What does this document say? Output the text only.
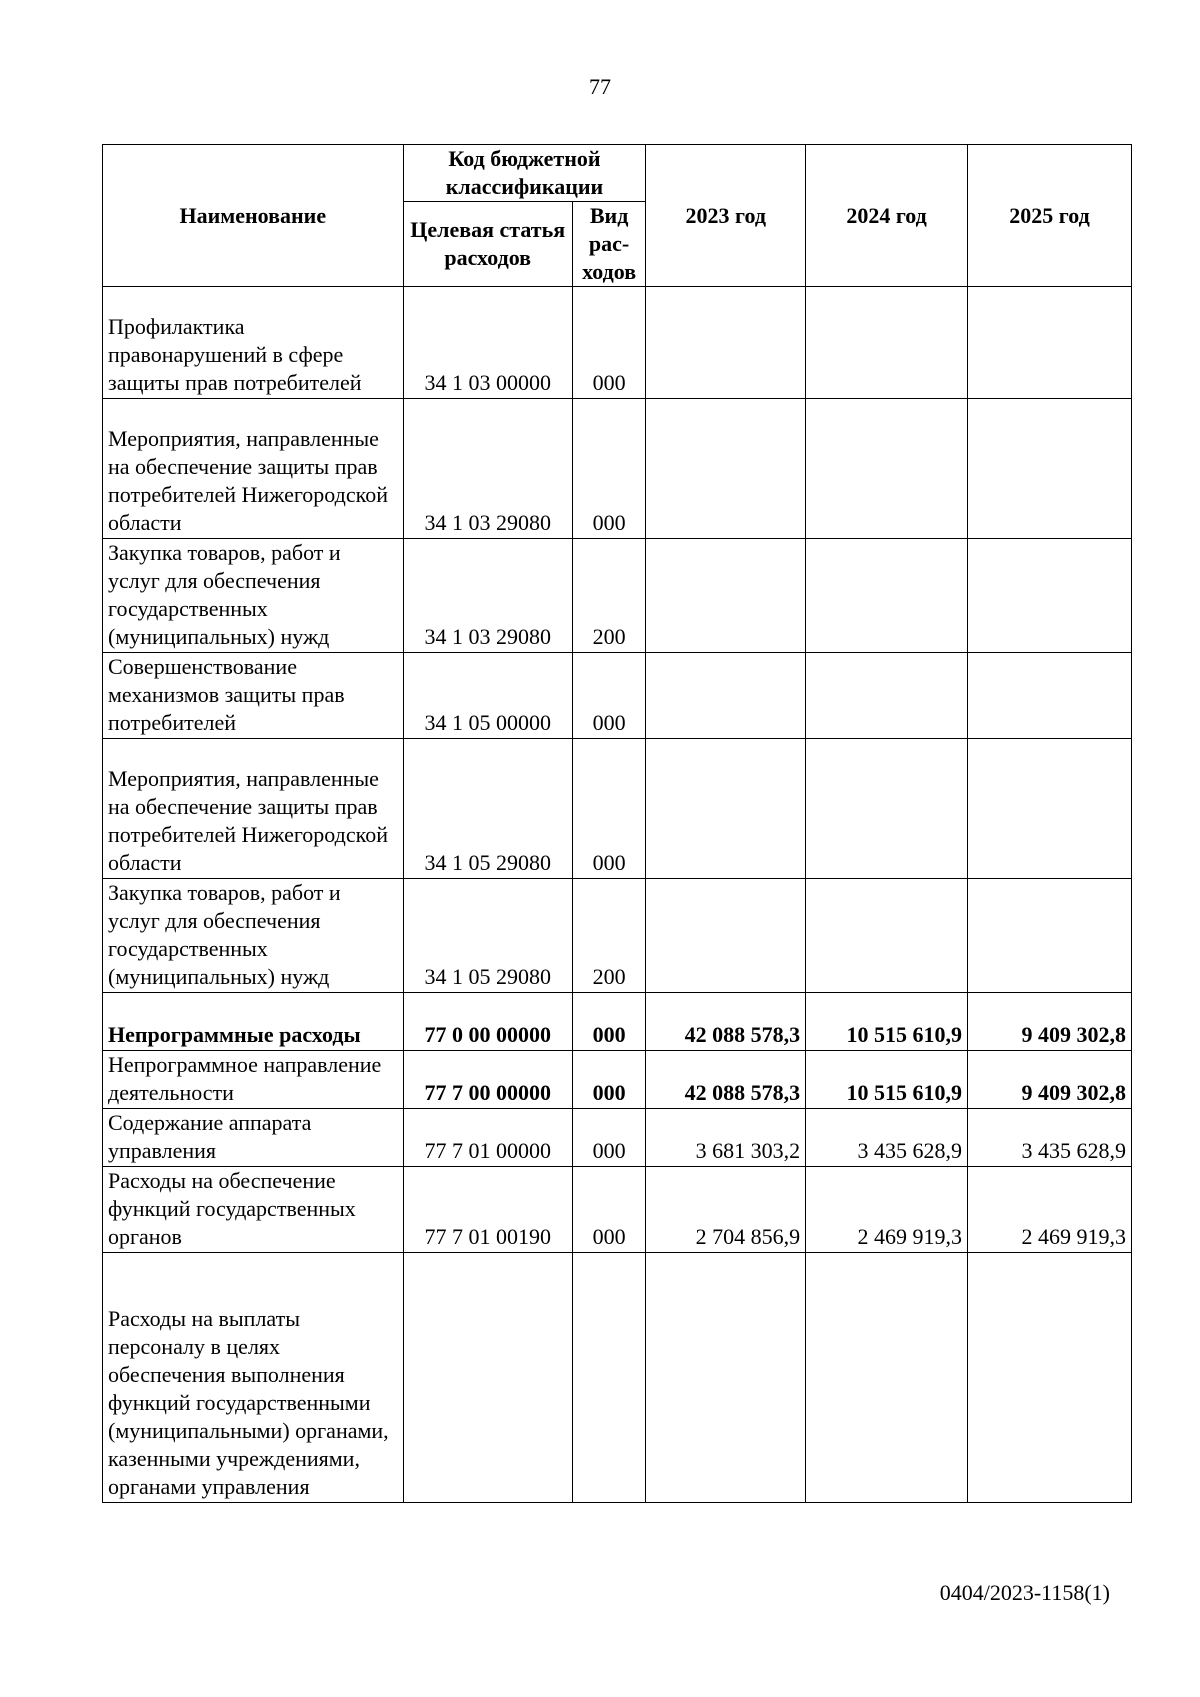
77
Наименование	Код бюджетной классификации		2023 год	2024 год	2025 год
	Целевая статья расходов	Вид рас-ходов			
Профилактика правонарушений в сфере защиты прав потребителей	34 1 03 00000	000			
Мероприятия, направленные на обеспечение защиты прав потребителей Нижегородской области	34 1 03 29080	000			
Закупка товаров, работ и услуг для обеспечения государственных (муниципальных) нужд	34 1 03 29080	200			
Совершенствование механизмов защиты прав потребителей	34 1 05 00000	000			
Мероприятия, направленные на обеспечение защиты прав потребителей Нижегородской области	34 1 05 29080	000			
Закупка товаров, работ и услуг для обеспечения государственных (муниципальных) нужд	34 1 05 29080	200			
Непрограммные расходы	77 0 00 00000	000	42 088 578,3	10 515 610,9	9 409 302,8
Непрограммное направление деятельности	77 7 00 00000	000	42 088 578,3	10 515 610,9	9 409 302,8
Содержание аппарата управления	77 7 01 00000	000	3 681 303,2	3 435 628,9	3 435 628,9
Расходы на обеспечение функций государственных органов	77 7 01 00190	000	2 704 856,9	2 469 919,3	2 469 919,3
Расходы на выплаты персоналу в целях обеспечения выполнения функций государственными (муниципальными) органами, казенными учреждениями, органами управления					
0404/2023-1158(1)
